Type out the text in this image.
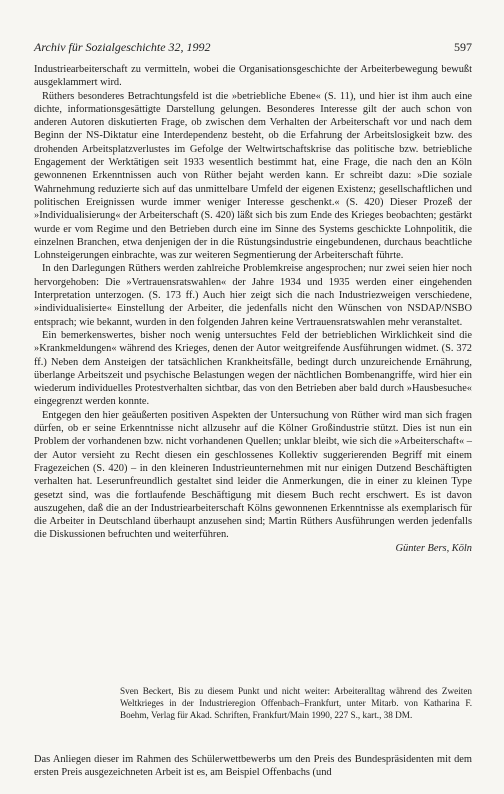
Archiv für Sozialgeschichte 32, 1992	597

Industriearbeiterschaft zu vermitteln, wobei die Organisationsgeschichte der Arbeiterbewegung bewußt ausgeklammert wird.

Rüthers besonderes Betrachtungsfeld ist die »betriebliche Ebene« (S. 11), und hier ist ihm auch eine dichte, informationsgesättigte Darstellung gelungen. Besonderes Interesse gilt der auch schon von anderen Autoren diskutierten Frage, ob zwischen dem Verhalten der Arbeiterschaft vor und nach dem Beginn der NS-Diktatur eine Interdependenz besteht, ob die Erfahrung der Arbeitslosigkeit bzw. des drohenden Arbeitsplatzverlustes im Gefolge der Weltwirtschaftskrise das politische bzw. betriebliche Engagement der Werktätigen seit 1933 wesentlich bestimmt hat, eine Frage, die nach den an Köln gewonnenen Erkenntnissen auch von Rüther bejaht werden kann. Er schreibt dazu: »Die soziale Wahrnehmung reduzierte sich auf das unmittelbare Umfeld der eigenen Existenz; gesellschaftlichen und politischen Ereignissen wurde immer weniger Interesse geschenkt.« (S. 420) Dieser Prozeß der »Individualisierung« der Arbeiterschaft (S. 420) läßt sich bis zum Ende des Krieges beobachten; gestärkt wurde er vom Regime und den Betrieben durch eine im Sinne des Systems geschickte Lohnpolitik, die einzelnen Branchen, etwa denjenigen der in die Rüstungsindustrie eingebundenen, durchaus beachtliche Lohnsteigerungen einbrachte, was zur weiteren Segmentierung der Arbeiterschaft führte.

In den Darlegungen Rüthers werden zahlreiche Problemkreise angesprochen; nur zwei seien hier noch hervorgehoben: Die »Vertrauensratswahlen« der Jahre 1934 und 1935 werden einer eingehenden Interpretation unterzogen. (S. 173 ff.) Auch hier zeigt sich die nach Industriezweigen verschiedene, »individualisierte« Einstellung der Arbeiter, die jedenfalls nicht den Wünschen von NSDAP/NSBO entsprach; wie bekannt, wurden in den folgenden Jahren keine Vertrauensratswahlen mehr veranstaltet.

Ein bemerkenswertes, bisher noch wenig untersuchtes Feld der betrieblichen Wirklichkeit sind die »Krankmeldungen« während des Krieges, denen der Autor weitgreifende Ausführungen widmet. (S. 372 ff.) Neben dem Ansteigen der tatsächlichen Krankheitsfälle, bedingt durch unzureichende Ernährung, überlange Arbeitszeit und psychische Belastungen wegen der nächtlichen Bombenangriffe, wird hier ein wiederum individuelles Protestverhalten sichtbar, das von den Betrieben aber bald durch »Hausbesuche« eingegrenzt werden konnte.

Entgegen den hier geäußerten positiven Aspekten der Untersuchung von Rüther wird man sich fragen dürfen, ob er seine Erkenntnisse nicht allzusehr auf die Kölner Großindustrie stützt. Dies ist nun ein Problem der vorhandenen bzw. nicht vorhandenen Quellen; unklar bleibt, wie sich die »Arbeiterschaft« – der Autor versieht zu Recht diesen ein geschlossenes Kollektiv suggerierenden Begriff mit einem Fragezeichen (S. 420) – in den kleineren Industrieunternehmen mit nur einigen Dutzend Beschäftigten verhalten hat. Leserunfreundlich gestaltet sind leider die Anmerkungen, die in einer zu kleinen Type gesetzt sind, was die fortlaufende Beschäftigung mit diesem Buch recht erschwert. Es ist davon auszugehen, daß die an der Industriearbeiterschaft Kölns gewonnenen Erkenntnisse als exemplarisch für die Arbeiter in Deutschland überhaupt anzusehen sind; Martin Rüthers Ausführungen werden jedenfalls die Diskussionen befruchten und weiterführen.

Günter Bers, Köln

Sven Beckert, Bis zu diesem Punkt und nicht weiter: Arbeiteralltag während des Zweiten Weltkrieges in der Industrieregion Offenbach–Frankfurt, unter Mitarb. von Katharina F. Boehm, Verlag für Akad. Schriften, Frankfurt/Main 1990, 227 S., kart., 38 DM.
Das Anliegen dieser im Rahmen des Schülerwettbewerbs um den Preis des Bundespräsidenten mit dem ersten Preis ausgezeichneten Arbeit ist es, am Beispiel Offenbachs (und
